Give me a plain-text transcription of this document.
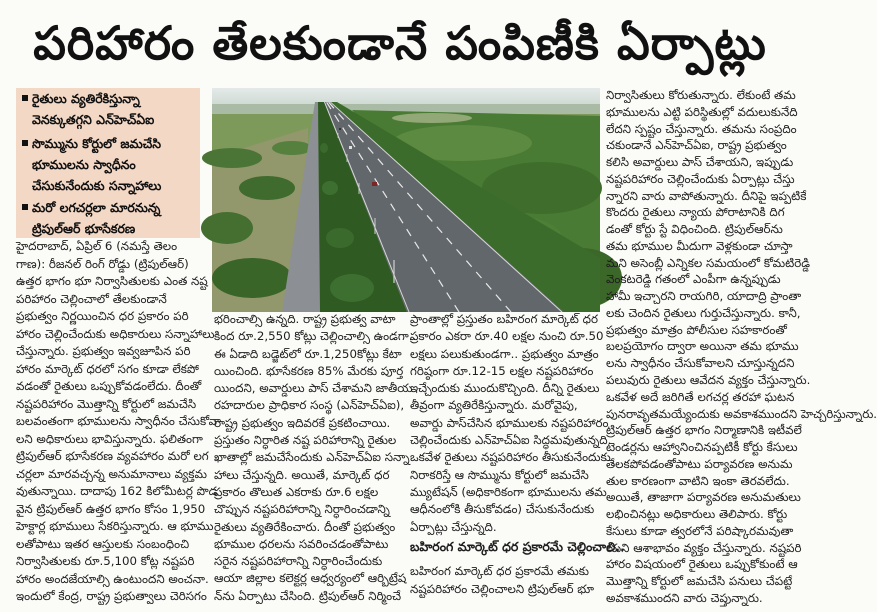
పరిహారం తేలకుండానే పంపిణీకి ఏర్పాట్లు
రైతులు వ్యతిరేకిస్తున్నా
వెనక్కుతగ్గని ఎన్‌హెచ్‌ఏఐ
సొమ్మును కోర్టులో జమచేసి
భూములను స్వాధీనం
చేసుకునేందుకు సన్నాహాలు
మరో లగచర్లలా మారనున్న
ట్రిపుల్‌ఆర్ భూసేకరణ
హైదరాబాద్, ఏప్రిల్ 6 (నమస్తే తెలం
గాణ): రీజనల్ రింగ్ రోడ్డు (ట్రిపుల్‌ఆర్)
ఉత్తర భాగం భూ నిర్వాసితులకు ఎంత నష్ట
పరిహారం చెల్లించాలో తేలకుండానే
ప్రభుత్వం నిర్ణయించిన ధర ప్రకారం పరి
హారం చెల్లించేందుకు అధికారులు సన్నాహాలు
చేస్తున్నారు. ప్రభుత్వం ఇవ్వజూపిన పరి
హారం మార్కెట్ ధరలో సగం కూడా లేకపో
వడంతో రైతులు ఒప్పుకోవడంలేదు. దీంతో
నష్టపరిహారం మొత్తాన్ని కోర్టులో జమచేసి
బలవంతంగా భూములను స్వాధీనం చేసుకోవా
లని అధికారులు భావిస్తున్నారు. ఫలితంగా
ట్రిపుల్‌ఆర్ భూసేకరణ వ్యవహారం మరో లగ
చర్లలా మారవచ్చన్న అనుమానాలు వ్యక్తమ
వుతున్నాయి. దాదాపు 162 కిలోమీటర్ల పొడ
వైన ట్రిపుల్‌ఆర్ ఉత్తర భాగం కోసం 1,950
హెక్టార్ల భూములు సేకరిస్తున్నారు. ఆ భూము
లతోపాటు ఇతర ఆస్తులకు సంబంధించి
నిర్వాసితులకు రూ.5,100 కోట్ల నష్టపరి
హారం అందజేయాల్సి ఉంటుందని అంచనా.
ఇందులో కేంద్ర, రాష్ట్ర ప్రభుత్వాలు చెరిసగం
భరించాల్సి ఉన్నది. రాష్ట్ర ప్రభుత్వ వాటా
కింద రూ.2,550 కోట్లు చెల్లించాల్సి ఉండగా..
ఈ ఏడాది బడ్జెట్‌లో రూ.1,250కోట్లు కేటా
యించింది. భూసేకరణ 85% మేరకు పూర్త
యిందని, అవార్డులు పాస్ చేశామని జాతీయ
రహదారుల ప్రాధికార సంస్థ (ఎన్‌హెచ్‌ఏఐ),
రాష్ట్ర ప్రభుత్వం ఇదివరకే ప్రకటించాయి.
ప్రస్తుతం నిర్ధారిత నష్ట పరిహారాన్ని రైతుల
ఖాతాల్లో జమచేసేందుకు ఎన్‌హెచ్‌ఏఐ సన్నా
హాలు చేస్తున్నది. అయితే, మార్కెట్ ధర
ప్రకారం తొలుత ఎకరాకు రూ.6 లక్షల
చొప్పున నష్టపరిహారాన్ని నిర్ధారించడాన్ని
రైతులు వ్యతిరేకించారు. దీంతో ప్రభుత్వం
భూముల ధరలను సవరించడంతోపాటు
సరైన నష్టపరిహారాన్ని నిర్ధారించేందుకు
ఆయా జిల్లాల కలెక్టర్ల ఆధ్వర్యంలో ఆర్బిట్రేష
న్‌ను ఏర్పాటు చేసింది. ట్రిపుల్‌ఆర్ నిర్మించే
ప్రాంతాల్లో ప్రస్తుతం బహిరంగ మార్కెట్ ధర
ప్రకారం ఎకరా రూ.40 లక్షల నుంచి రూ.50
లక్షలు పలుకుతుండగా.. ప్రభుత్వం మాత్రం
గరిష్ఠంగా రూ.12-15 లక్షల నష్టపరిహారం
ఇచ్చేందుకు ముందుకొచ్చింది. దీన్ని రైతులు
తీవ్రంగా వ్యతిరేకిస్తున్నారు. మరోవైపు,
అవార్డు పాస్‌చేసిన భూములకు నష్టపరిహారం
చెల్లించేందుకు ఎన్‌హెచ్‌ఏఐ సిద్ధమవుతున్నది.
ఒకవేళ రైతులు నష్టపరిహారం తీసుకునేందుకు
నిరాకరిస్తే ఆ సొమ్మును కోర్టులో జమచేసి
మ్యుటేషన్ (అధికారికంగా భూములను తమ
ఆధీనంలోకి తీసుకోవడం) చేసుకునేందుకు
ఏర్పాట్లు చేస్తున్నది.
బహిరంగ మార్కెట్ ధర ప్రకారమే చెల్లించాలి..
బహిరంగ మార్కెట్ ధర ప్రకారమే తమకు
నష్టపరిహారం చెల్లించాలని ట్రిపుల్‌ఆర్ భూ
నిర్వాసితులు కోరుతున్నారు. లేకుంటే తమ
భూములను ఎట్టి పరిస్థితుల్లో వదులుకునేది
లేదని స్పష్టం చేస్తున్నారు. తమను సంప్రదిం
చకుండానే ఎన్‌హెచ్‌ఏఐ, రాష్ట్ర ప్రభుత్వం
కలిసి అవార్డులు పాస్ చేశాయని, ఇప్పుడు
నష్టపరిహారం చెల్లించేందుకు ఏర్పాట్లు చేస్తు
న్నారని వారు వాపోతున్నారు. దీనిపై ఇప్పటికే
కొందరు రైతులు న్యాయ పోరాటానికి దిగ
డంతో కోర్టు స్టే విధించింది. ట్రిపుల్‌ఆర్‌ను
తమ భూముల మీదుగా వెళ్లకుండా చూస్తా
మని అసెంబ్లీ ఎన్నికల సమయంలో కోమటిరెడ్డి
వెంకటరెడ్డి గతంలో ఎంపీగా ఉన్నప్పుడు
హామీ ఇచ్చారని రాయగిరి, యాదాద్రి ప్రాంతా
లకు చెందిన రైతులు గుర్తుచేస్తున్నారు. కానీ,
ప్రభుత్వం మాత్రం పోలీసుల సహకారంతో
బలప్రయోగం ద్వారా అయినా తమ భూము
లను స్వాధీనం చేసుకోవాలని చూస్తున్నదని
పలువురు రైతులు ఆవేదన వ్యక్తం చేస్తున్నారు.
ఒకవేళ అదే జరిగితే లగచర్ల తరహా ఘటన
పునరావృతమయ్యేందుకు అవకాశముందని హెచ్చరిస్తున్నారు.
ట్రిపుల్‌ఆర్ ఉత్తర భాగం నిర్మాణానికి ఇటీవలే
టెండర్లను ఆహ్వానించినప్పటికీ కోర్టు కేసులు
తేలకపోవడంతోపాటు పర్యావరణ అనుమ
తుల కారణంగా వాటిని ఇంకా తెరవలేదు.
అయితే, తాజాగా పర్యావరణ అనుమతులు
లభించినట్లు అధికారులు తెలిపారు. కోర్టు
కేసులు కూడా త్వరలోనే పరిష్కారమవుతా
యని ఆశాభావం వ్యక్తం చేస్తున్నారు. నష్టపరి
హారం విషయంలో రైతులు ఒప్పుకోకుంటే ఆ
మొత్తాన్ని కోర్టులో జమచేసి పనులు చేపట్టే
అవకాశముందని వారు చెప్తున్నారు.
